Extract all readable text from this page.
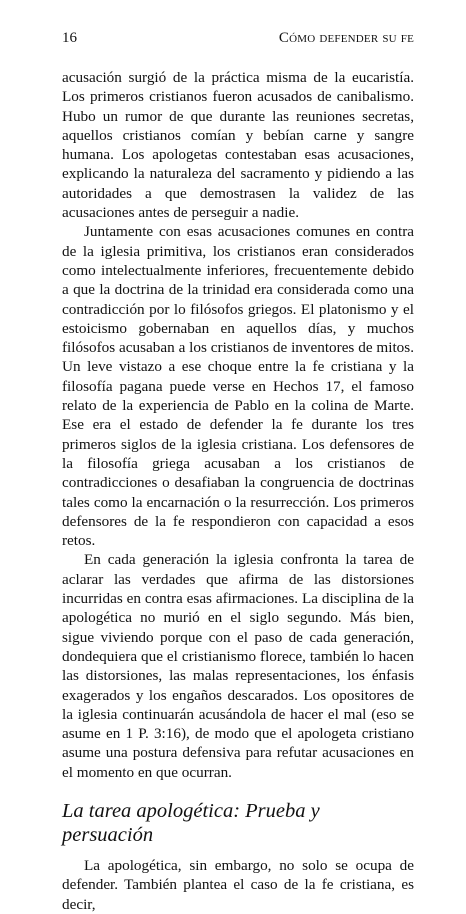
16	Cómo defender su fe

acusación surgió de la práctica misma de la eucaristía. Los primeros cristianos fueron acusados de canibalismo. Hubo un rumor de que durante las reuniones secretas, aquellos cristianos comían y bebían carne y sangre humana. Los apologetas contestaban esas acusaciones, explicando la naturaleza del sacramento y pidiendo a las autoridades a que demostrasen la validez de las acusaciones antes de perseguir a nadie.

Juntamente con esas acusaciones comunes en contra de la iglesia primitiva, los cristianos eran considerados como intelectualmente inferiores, frecuentemente debido a que la doctrina de la trinidad era considerada como una contradicción por lo filósofos griegos. El platonismo y el estoicismo gobernaban en aquellos días, y muchos filósofos acusaban a los cristianos de inventores de mitos. Un leve vistazo a ese choque entre la fe cristiana y la filosofía pagana puede verse en Hechos 17, el famoso relato de la experiencia de Pablo en la colina de Marte. Ese era el estado de defender la fe durante los tres primeros siglos de la iglesia cristiana. Los defensores de la filosofía griega acusaban a los cristianos de contradicciones o desafiaban la congruencia de doctrinas tales como la encarnación o la resurrección. Los primeros defensores de la fe respondieron con capacidad a esos retos.

En cada generación la iglesia confronta la tarea de aclarar las verdades que afirma de las distorsiones incurridas en contra esas afirmaciones. La disciplina de la apologética no murió en el siglo segundo. Más bien, sigue viviendo porque con el paso de cada generación, dondequiera que el cristianismo florece, también lo hacen las distorsiones, las malas representaciones, los énfasis exagerados y los engaños descarados. Los opositores de la iglesia continuarán acusándola de hacer el mal (eso se asume en 1 P. 3:16), de modo que el apologeta cristiano asume una postura defensiva para refutar acusaciones en el momento en que ocurran.

La tarea apologética: Prueba y persuación

La apologética, sin embargo, no solo se ocupa de defender. También plantea el caso de la fe cristiana, es decir,
